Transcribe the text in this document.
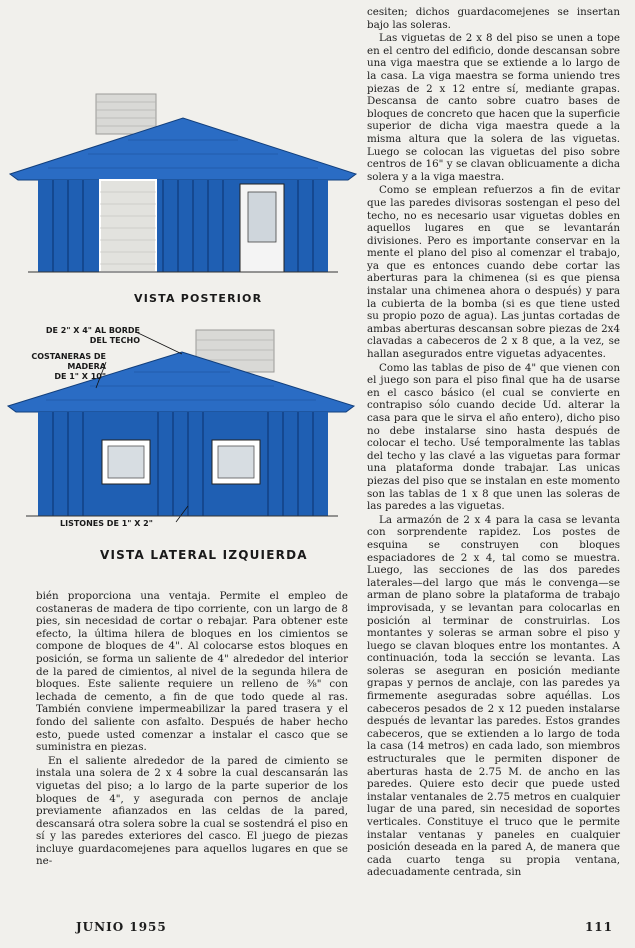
VISTA POSTERIOR
DE 2" X 4" AL BORDE
DEL TECHO
COSTANERAS DE MADERA
DE 1" X 10"
LISTONES DE 1" X 2"
VISTA LATERAL IZQUIERDA

cesiten; dichos guardacomejenes se insertan bajo las soleras.

Las viguetas de 2 x 8 del piso se unen a tope en el centro del edificio, donde descansan sobre una viga maestra que se extiende a lo largo de la casa. La viga maestra se forma uniendo tres piezas de 2 x 12 entre sí, mediante grapas. Descansa de canto sobre cuatro bases de bloques de concreto que hacen que la superficie superior de dicha viga maestra quede a la misma altura que la solera de las viguetas. Luego se colocan las viguetas del piso sobre centros de 16" y se clavan oblicuamente a dicha solera y a la viga maestra.

Como se emplean refuerzos a fin de evitar que las paredes divisoras sostengan el peso del techo, no es necesario usar viguetas dobles en aquellos lugares en que se levantarán divisiones. Pero es importante conservar en la mente el plano del piso al comenzar el trabajo, ya que es entonces cuando debe cortar las aberturas para la chimenea (si es que piensa instalar una chimenea ahora o después) y para la cubierta de la bomba (si es que tiene usted su propio pozo de agua). Las juntas cortadas de ambas aberturas descansan sobre piezas de 2x4 clavadas a cabeceros de 2 x 8 que, a la vez, se hallan asegurados entre viguetas adyacentes.

Como las tablas de piso de 4" que vienen con el juego son para el piso final que ha de usarse en el casco básico (el cual se convierte en contrapiso sólo cuando decide Ud. alterar la casa para que le sirva el año entero), dicho piso no debe instalarse sino hasta después de colocar el techo. Usé temporalmente las tablas del techo y las clavé a las viguetas para formar una plataforma donde trabajar. Las unicas piezas del piso que se instalan en este momento son las tablas de 1 x 8 que unen las soleras de las paredes a las viguetas.

La armazón de 2 x 4 para la casa se levanta con sorprendente rapidez. Los postes de esquina se construyen con bloques espaciadores de 2 x 4, tal como se muestra. Luego, las secciones de las dos paredes laterales—del largo que más le convenga—se arman de plano sobre la plataforma de trabajo improvisada, y se levantan para colocarlas en posición al terminar de construirlas. Los montantes y soleras se arman sobre el piso y luego se clavan bloques entre los montantes. A continuación, toda la sección se levanta. Las soleras se aseguran en posición mediante grapas y pernos de anclaje, con las paredes ya firmemente aseguradas sobre aquéllas. Los cabeceros pesados de 2 x 12 pueden instalarse después de levantar las paredes. Estos grandes cabeceros, que se extienden a lo largo de toda la casa (14 metros) en cada lado, son miembros estructurales que le permiten disponer de aberturas hasta de 2.75 M. de ancho en las paredes. Quiere esto decir que puede usted instalar ventanales de 2.75 metros en cualquier lugar de una pared, sin necesidad de soportes verticales. Constituye el truco que le permite instalar ventanas y paneles en cualquier posición deseada en la pared A, de manera que cada cuarto tenga su propia ventana, adecuadamente centrada, sin

bién proporciona una ventaja. Permite el empleo de costaneras de madera de tipo corriente, con un largo de 8 pies, sin necesidad de cortar o rebajar. Para obtener este efecto, la última hilera de bloques en los cimientos se compone de bloques de 4". Al colocarse estos bloques en posición, se forma un saliente de 4" alrededor del interior de la pared de cimientos, al nivel de la segunda hilera de bloques. Este saliente requiere un relleno de ⅜" con lechada de cemento, a fin de que todo quede al ras. También conviene impermeabilizar la pared trasera y el fondo del saliente con asfalto. Después de haber hecho esto, puede usted comenzar a instalar el casco que se suministra en piezas.

En el saliente alrededor de la pared de cimiento se instala una solera de 2 x 4 sobre la cual descansarán las viguetas del piso; a lo largo de la parte superior de los bloques de 4", y asegurada con pernos de anclaje previamente afianzados en las celdas de la pared, descansará otra solera sobre la cual se sostendrá el piso en sí y las paredes exteriores del casco. El juego de piezas incluye guardacomejenes para aquellos lugares en que se ne-

JUNIO 1955	111
